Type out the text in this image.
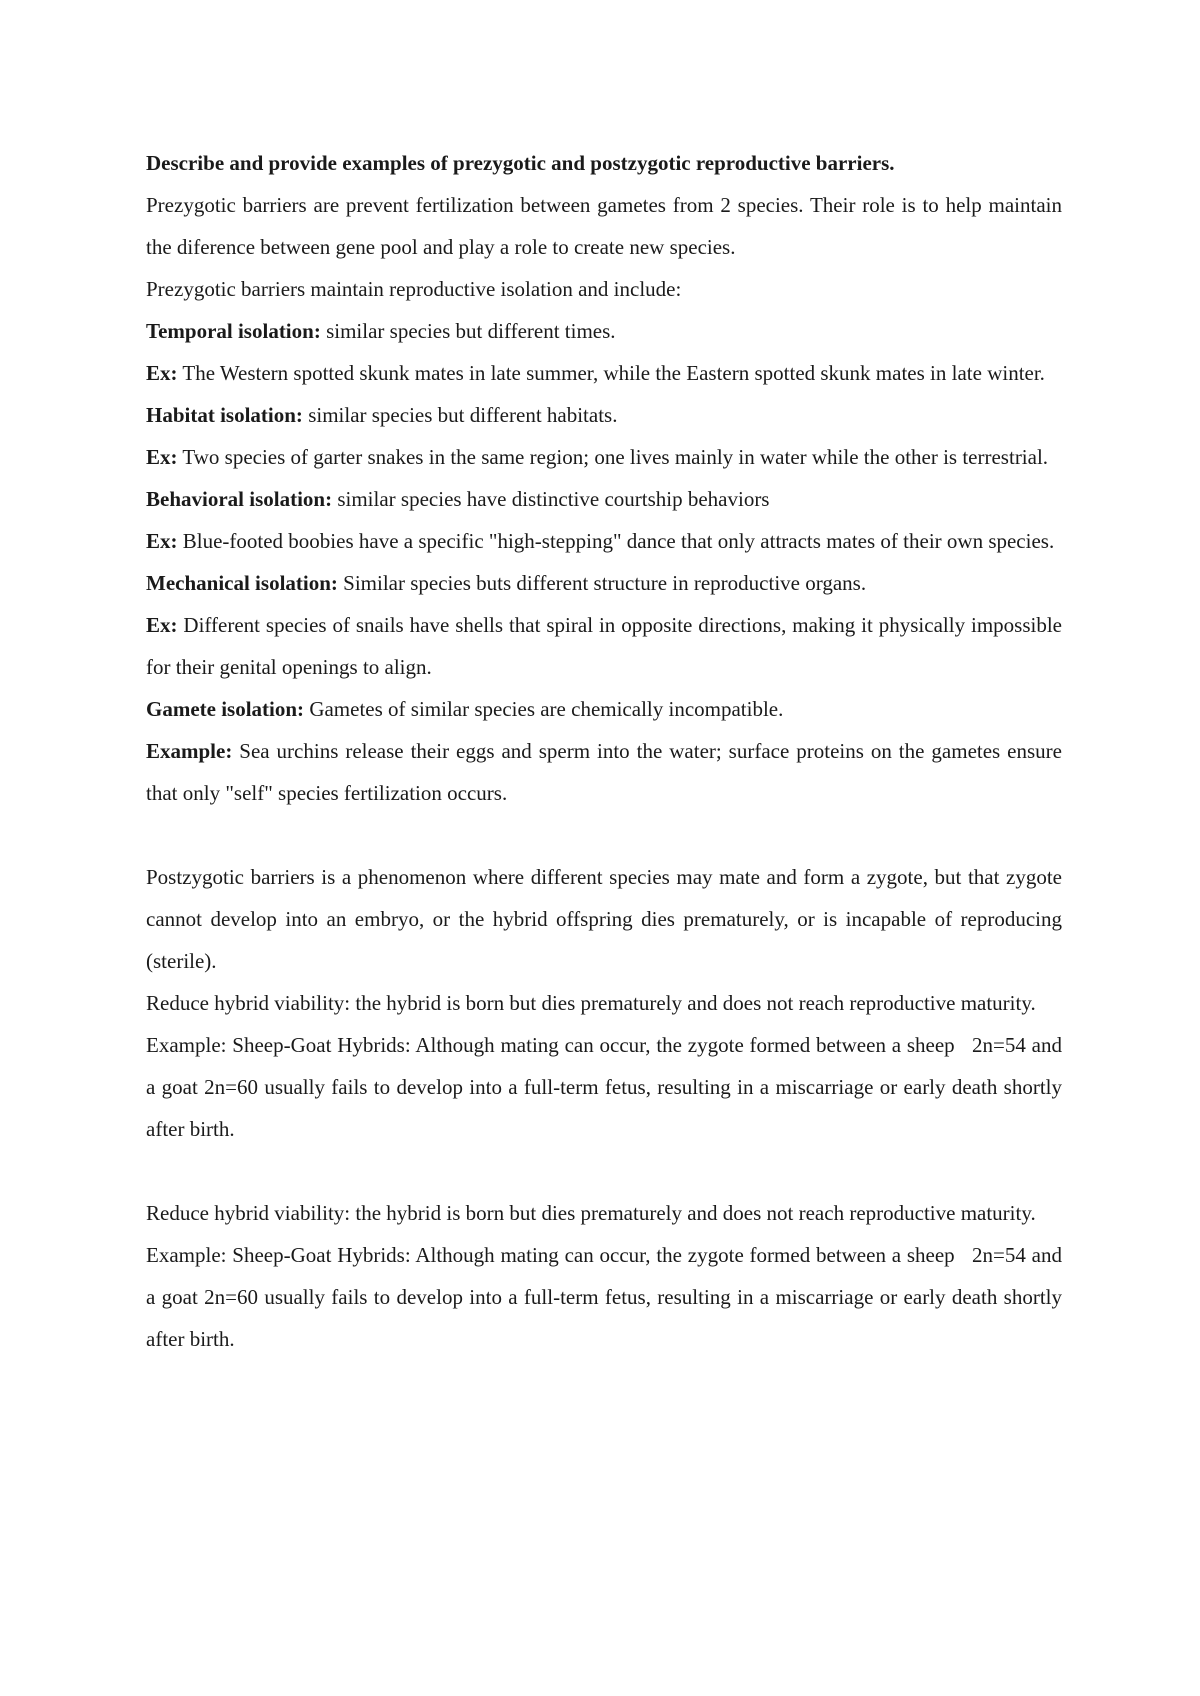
Describe and provide examples of prezygotic and postzygotic reproductive barriers.

Prezygotic barriers are prevent fertilization between gametes from 2 species. Their role is to help maintain the diference between gene pool and play a role to create new species.

Prezygotic barriers maintain reproductive isolation and include:

Temporal isolation: similar species but different times.

Ex: The Western spotted skunk mates in late summer, while the Eastern spotted skunk mates in late winter.

Habitat isolation: similar species but different habitats.

Ex: Two species of garter snakes in the same region; one lives mainly in water while the other is terrestrial.

Behavioral isolation: similar species have distinctive courtship behaviors

Ex: Blue-footed boobies have a specific "high-stepping" dance that only attracts mates of their own species.

Mechanical isolation: Similar species buts different structure in reproductive organs.

Ex: Different species of snails have shells that spiral in opposite directions, making it physically impossible for their genital openings to align.

Gamete isolation: Gametes of similar species are chemically incompatible.

Example: Sea urchins release their eggs and sperm into the water; surface proteins on the gametes ensure that only "self" species fertilization occurs.

Postzygotic barriers is a phenomenon where different species may mate and form a zygote, but that zygote cannot develop into an embryo, or the hybrid offspring dies prematurely, or is incapable of reproducing (sterile).

Reduce hybrid viability: the hybrid is born but dies prematurely and does not reach reproductive maturity.

Example: Sheep-Goat Hybrids: Although mating can occur, the zygote formed between a sheep   2n=54 and a goat 2n=60 usually fails to develop into a full-term fetus, resulting in a miscarriage or early death shortly after birth.

Reduce hybrid viability: the hybrid is born but dies prematurely and does not reach reproductive maturity.

Example: Sheep-Goat Hybrids: Although mating can occur, the zygote formed between a sheep   2n=54 and a goat 2n=60 usually fails to develop into a full-term fetus, resulting in a miscarriage or early death shortly after birth.
